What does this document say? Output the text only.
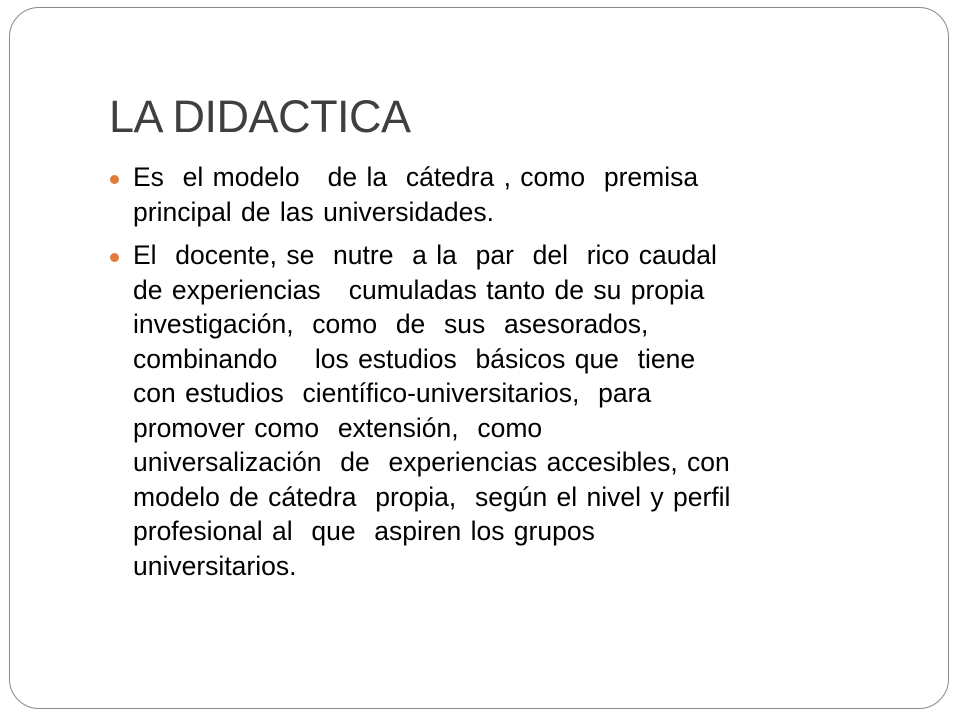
LA DIDACTICA
Es  el modelo   de la  cátedra , como  premisa
principal de las universidades.
El  docente, se  nutre  a la  par  del  rico caudal
de experiencias   cumuladas tanto de su propia
investigación,  como  de  sus  asesorados,
combinando    los estudios  básicos que  tiene
con estudios  científico-universitarios,  para
promover como  extensión,  como
universalización  de  experiencias accesibles, con
modelo de cátedra  propia,  según el nivel y perfil
profesional al  que  aspiren los grupos
universitarios.
